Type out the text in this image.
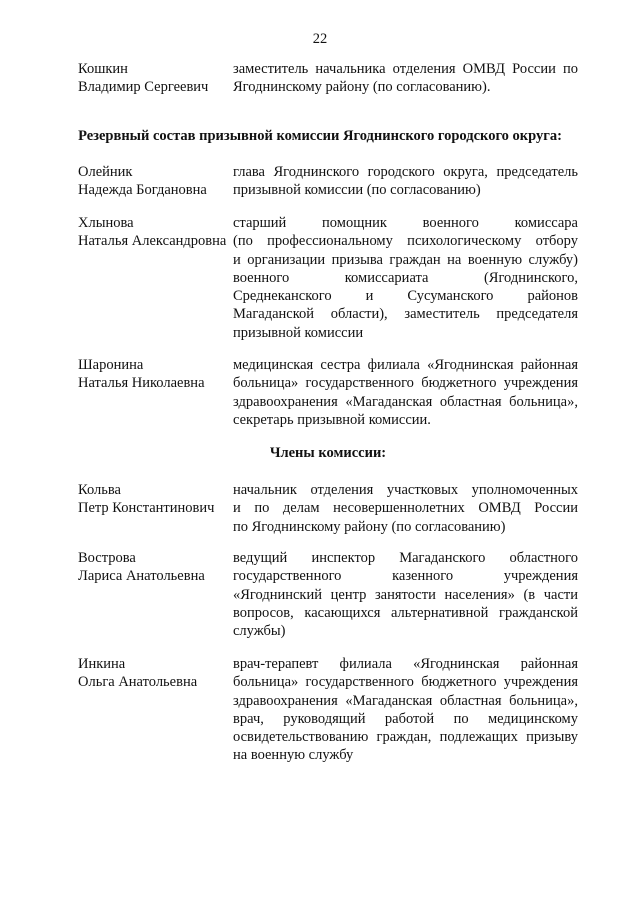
22
Кошкин
Владимир Сергеевич
заместитель начальника отделения ОМВД России по
Ягоднинскому району (по согласованию).
Резервный состав призывной комиссии Ягоднинского городского округа:
Олейник
Надежда Богдановна
глава Ягоднинского городского округа, председатель
призывной комиссии (по согласованию)
Хлынова
Наталья Александровна
старший помощник военного комиссара
(по профессиональному психологическому отбору
и организации призыва граждан на военную службу)
военного комиссариата (Ягоднинского,
Среднеканского и Сусуманского районов
Магаданской области), заместитель председателя
призывной комиссии
Шаронина
Наталья Николаевна
медицинская сестра филиала «Ягоднинская районная
больница» государственного бюджетного учреждения
здравоохранения «Магаданская областная больница»,
секретарь призывной комиссии.
Члены комиссии:
Кольва
Петр Константинович
начальник отделения участковых уполномоченных
и по делам несовершеннолетних ОМВД России
по Ягоднинскому району (по согласованию)
Вострова
Лариса Анатольевна
ведущий инспектор Магаданского областного
государственного казенного учреждения
«Ягоднинский центр занятости населения» (в части
вопросов, касающихся альтернативной гражданской
службы)
Инкина
Ольга Анатольевна
врач-терапевт филиала «Ягоднинская районная
больница» государственного бюджетного учреждения
здравоохранения «Магаданская областная больница»,
врач, руководящий работой по медицинскому
освидетельствованию граждан, подлежащих призыву
на военную службу
